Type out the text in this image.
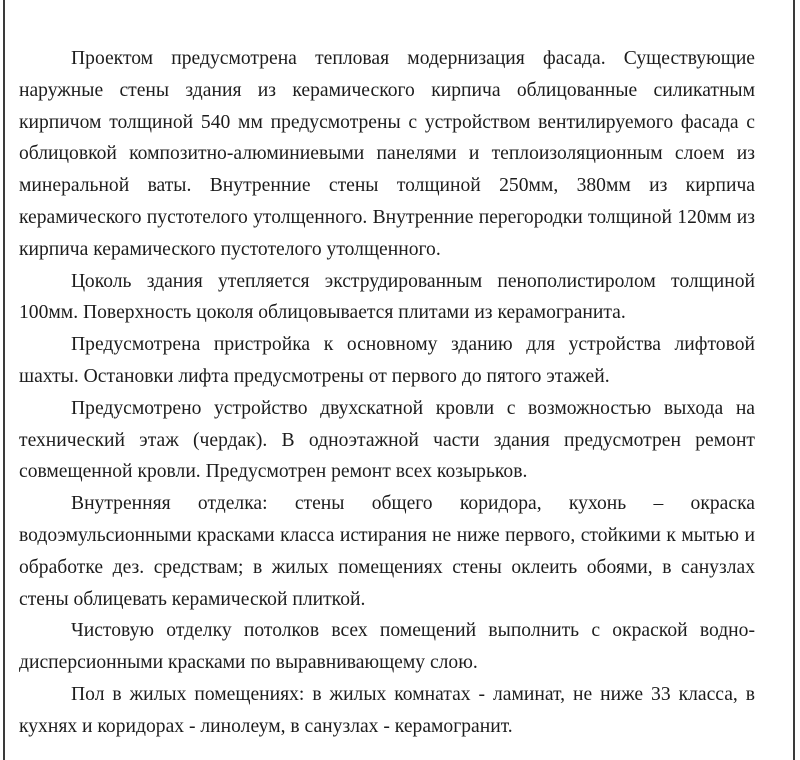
Проектом предусмотрена тепловая модернизация фасада. Существующие наружные стены здания из керамического кирпича облицованные силикатным кирпичом толщиной 540 мм предусмотрены с устройством вентилируемого фасада с облицовкой композитно-алюминиевыми панелями и теплоизоляционным слоем из минеральной ваты. Внутренние стены толщиной 250мм, 380мм из кирпича керамического пустотелого утолщенного. Внутренние перегородки толщиной 120мм из кирпича керамического пустотелого утолщенного.

Цоколь здания утепляется экструдированным пенополистиролом толщиной 100мм. Поверхность цоколя облицовывается плитами из керамогранита.

Предусмотрена пристройка к основному зданию для устройства лифтовой шахты. Остановки лифта предусмотрены от первого до пятого этажей.

Предусмотрено устройство двухскатной кровли с возможностью выхода на технический этаж (чердак). В одноэтажной части здания предусмотрен ремонт совмещенной кровли. Предусмотрен ремонт всех козырьков.

Внутренняя отделка: стены общего коридора, кухонь – окраска водоэмульсионными красками класса истирания не ниже первого, стойкими к мытью и обработке дез. средствам; в жилых помещениях стены оклеить обоями, в санузлах стены облицевать керамической плиткой.

Чистовую отделку потолков всех помещений выполнить с окраской водно-дисперсионными красками по выравнивающему слою.

Пол в жилых помещениях: в жилых комнатах - ламинат, не ниже 33 класса, в кухнях и коридорах - линолеум, в санузлах - керамогранит.
